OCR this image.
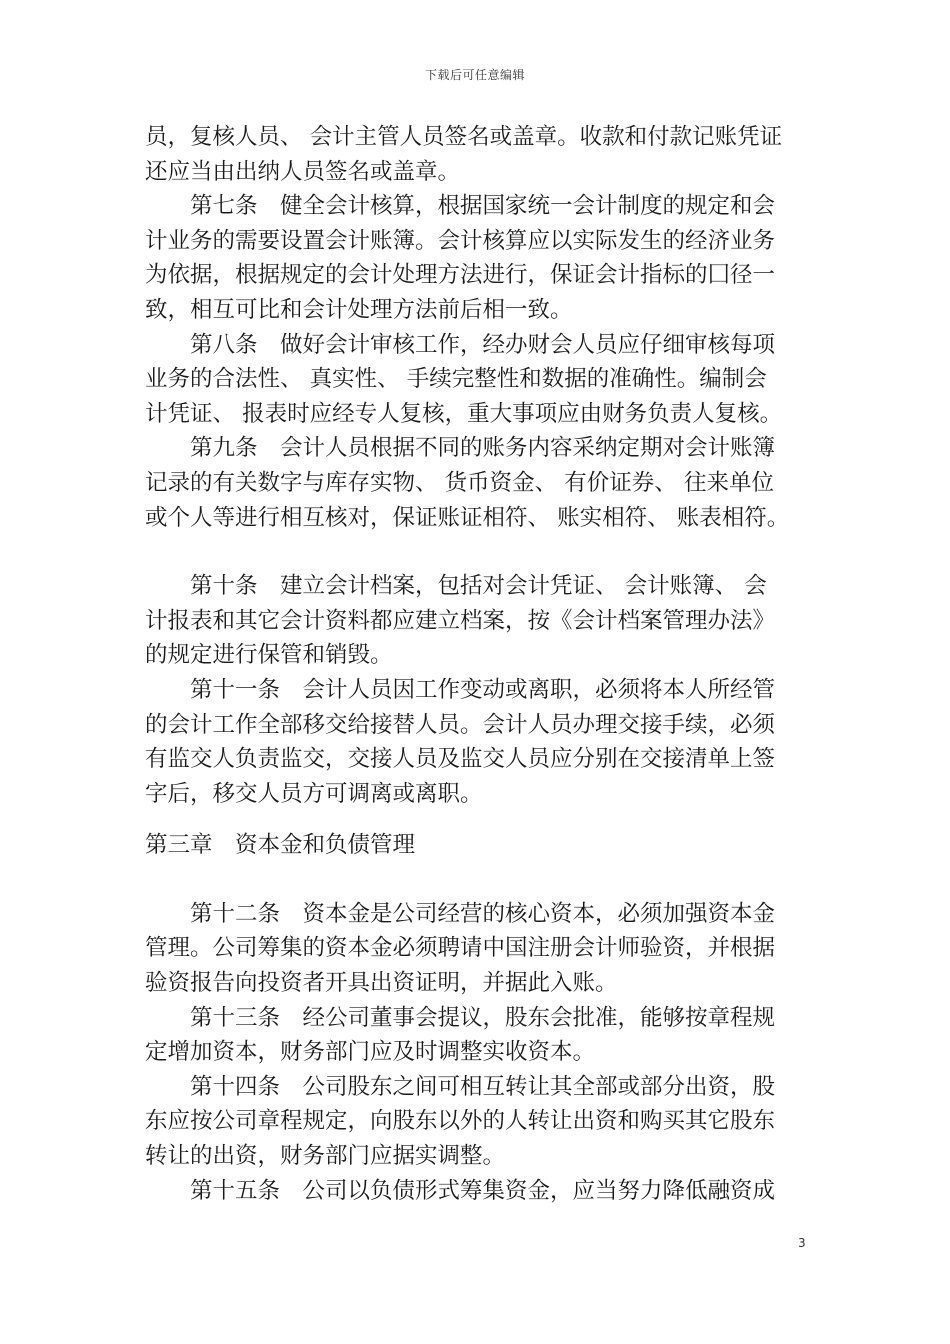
下载后可任意编辑

员，复核人员、 会计主管人员签名或盖章。收款和付款记账凭证
还应当由出纳人员签名或盖章。

第七条　健全会计核算，根据国家统一会计制度的规定和会
计业务的需要设置会计账簿。会计核算应以实际发生的经济业务
为依据，根据规定的会计处理方法进行，保证会计指标的囗径一
致，相互可比和会计处理方法前后相一致。

第八条　做好会计审核工作，经办财会人员应仔细审核每项
业务的合法性、 真实性、 手续完整性和数据的准确性。编制会
计凭证、 报表时应经专人复核，重大事项应由财务负责人复核。

第九条　会计人员根据不同的账务内容采纳定期对会计账簿
记录的有关数字与库存实物、 货币资金、 有价证券、 往来单位
或个人等进行相互核对，保证账证相符、 账实相符、 账表相符。

第十条　建立会计档案，包括对会计凭证、 会计账簿、 会
计报表和其它会计资料都应建立档案，按《会计档案管理办法》
的规定进行保管和销毁。

第十一条　会计人员因工作变动或离职，必须将本人所经管
的会计工作全部移交给接替人员。会计人员办理交接手续，必须
有监交人负责监交，交接人员及监交人员应分别在交接清单上签
字后，移交人员方可调离或离职。

第三章　资本金和负债管理

第十二条　资本金是公司经营的核心资本，必须加强资本金
管理。公司筹集的资本金必须聘请中国注册会计师验资，并根据
验资报告向投资者开具出资证明，并据此入账。

第十三条　经公司董事会提议，股东会批准，能够按章程规
定增加资本，财务部门应及时调整实收资本。

第十四条　公司股东之间可相互转让其全部或部分出资，股
东应按公司章程规定，向股东以外的人转让出资和购买其它股东
转让的出资，财务部门应据实调整。

第十五条　公司以负债形式筹集资金，应当努力降低融资成

3
